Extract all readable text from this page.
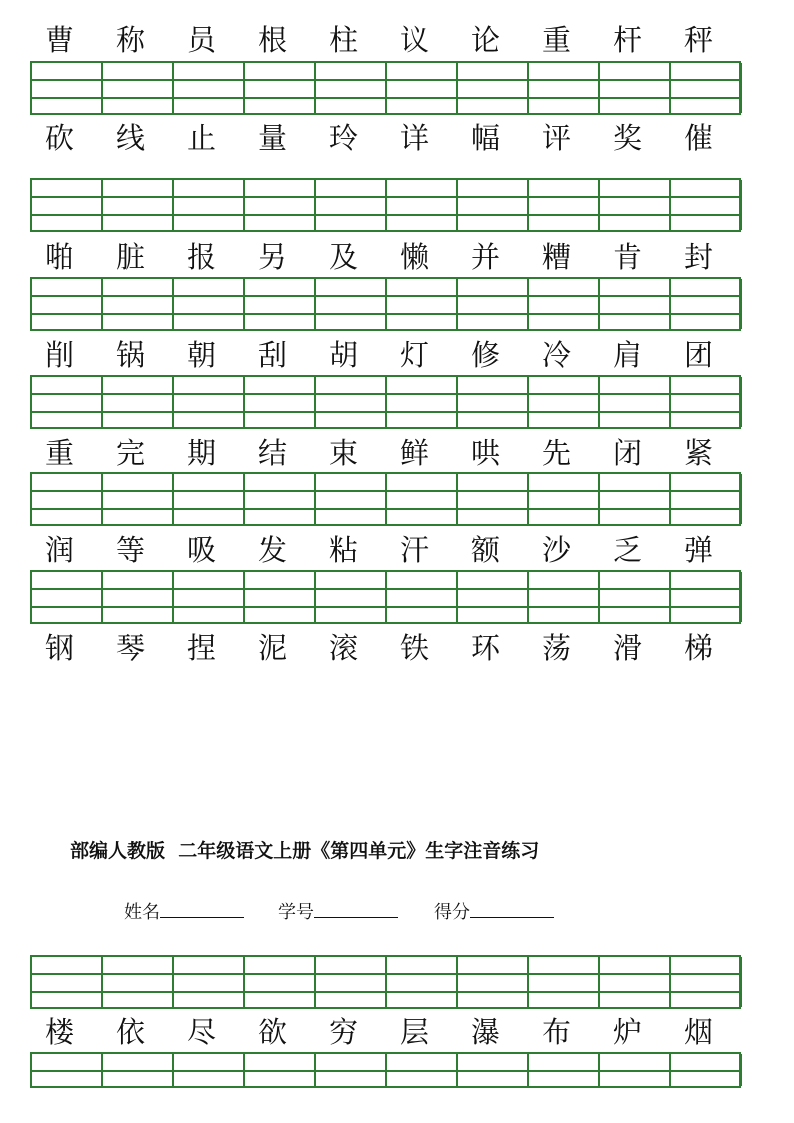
曹	称	员	根	柱	议	论	重	杆	秤
砍	线	止	量	玲	详	幅	评	奖	催
啪	脏	报	另	及	懒	并	糟	肯	封
削	锅	朝	刮	胡	灯	修	冷	肩	团
重	完	期	结	束	鲜	哄	先	闭	紧
润	等	吸	发	粘	汗	额	沙	乏	弹
钢	琴	捏	泥	滚	铁	环	荡	滑	梯
楼	依	尽	欲	穷	层	瀑	布	炉	烟
部编人教版  二年级语文上册《第四单元》生字注音练习
姓名	学号	得分
